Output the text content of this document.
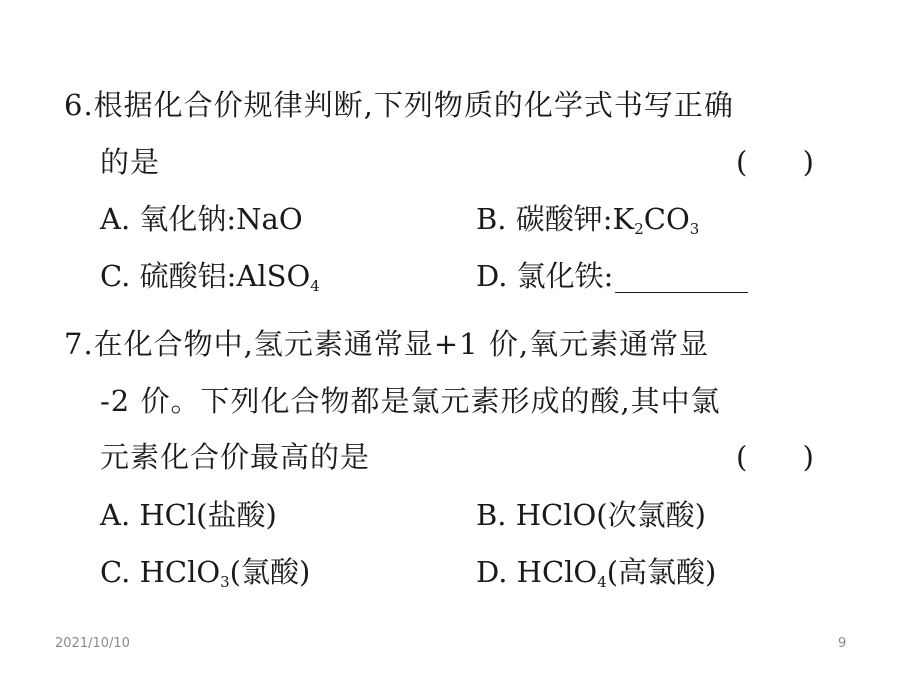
6.根据化合价规律判断,下列物质的化学式书写正确
的是	(      )
A. 氧化钠:NaO	B. 碳酸钾$:K_2CO_3$
C. 硫酸铝:AlSO$_4$	D. 氯化铁:
7.在化合物中,氢元素通常显+1 价,氧元素通常显
-2 价。下列化合物都是氯元素形成的酸,其中氯
元素化合价最高的是	(      )
A. HCl(盐酸)	B. HClO(次氯酸)
C. HClO$_3$(氯酸)	D. HClO$_4$(高氯酸)
2021/10/10	9
